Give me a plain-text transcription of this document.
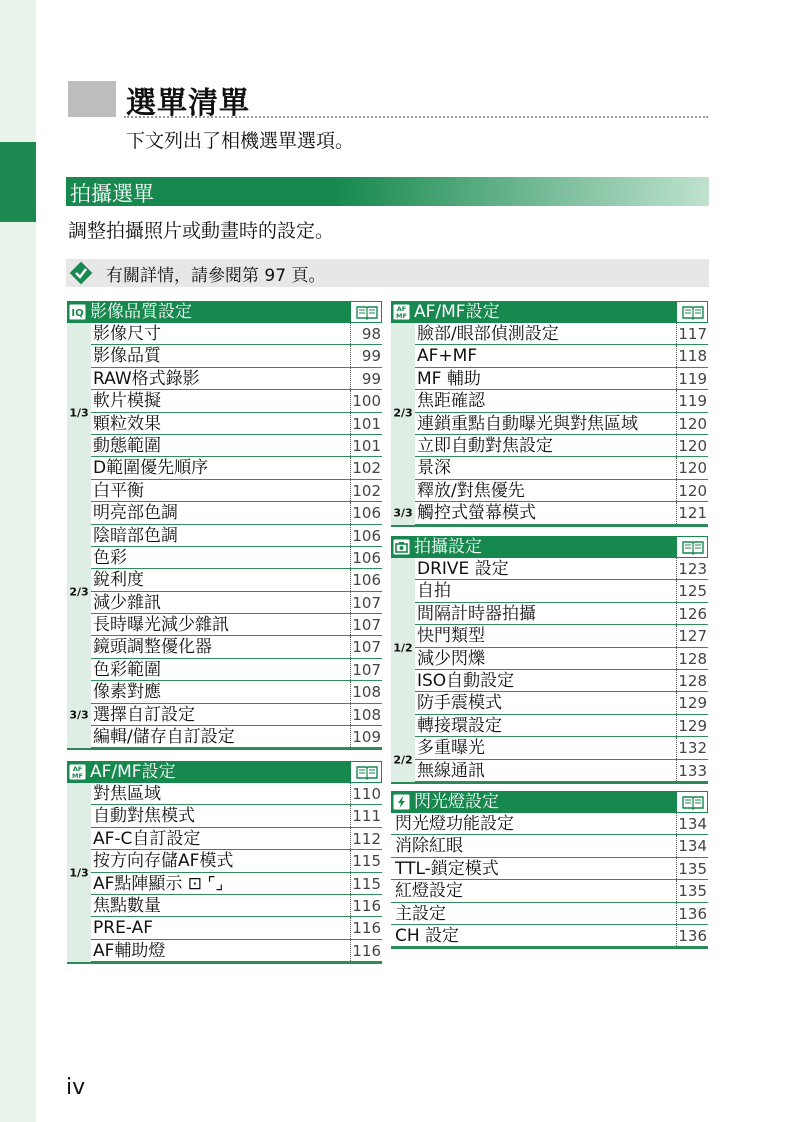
選單清單
下文列出了相機選單選項。
拍攝選單
調整拍攝照片或動畫時的設定。
有關詳情，請參閱第 97 頁。
IQ 影像品質設定
1/3
影像尺寸	98
影像品質	99
RAW格式錄影	99
軟片模擬	100
顆粒效果	101
動態範圍	101
D範圍優先順序	102
白平衡	102
2/3
明亮部色調	106
陰暗部色調	106
色彩	106
銳利度	106
減少雜訊	107
長時曝光減少雜訊	107
鏡頭調整優化器	107
色彩範圍	107
3/3
像素對應	108
選擇自訂設定	108
編輯/儲存自訂設定	109
AF
MF AF/MF設定
1/3
對焦區域	110
自動對焦模式	111
AF-C自訂設定	112
按方向存儲AF模式	115
AF點陣顯示 ⊡ ⌜⌟	115
焦點數量	116
PRE-AF	116
AF輔助燈	116
AF
MF AF/MF設定
2/3
臉部/眼部偵測設定	117
AF+MF	118
MF 輔助	119
焦距確認	119
連鎖重點自動曝光與對焦區域	120
立即自動對焦設定	120
景深	120
釋放/對焦優先	120
3/3 觸控式螢幕模式	121
拍攝設定
1/2
DRIVE 設定	123
自拍	125
間隔計時器拍攝	126
快門類型	127
減少閃爍	128
ISO自動設定	128
防手震模式	129
轉接環設定	129
2/2
多重曝光	132
無線通訊	133
閃光燈設定
閃光燈功能設定	134
消除紅眼	134
TTL-鎖定模式	135
紅燈設定	135
主設定	136
CH 設定	136
iv
